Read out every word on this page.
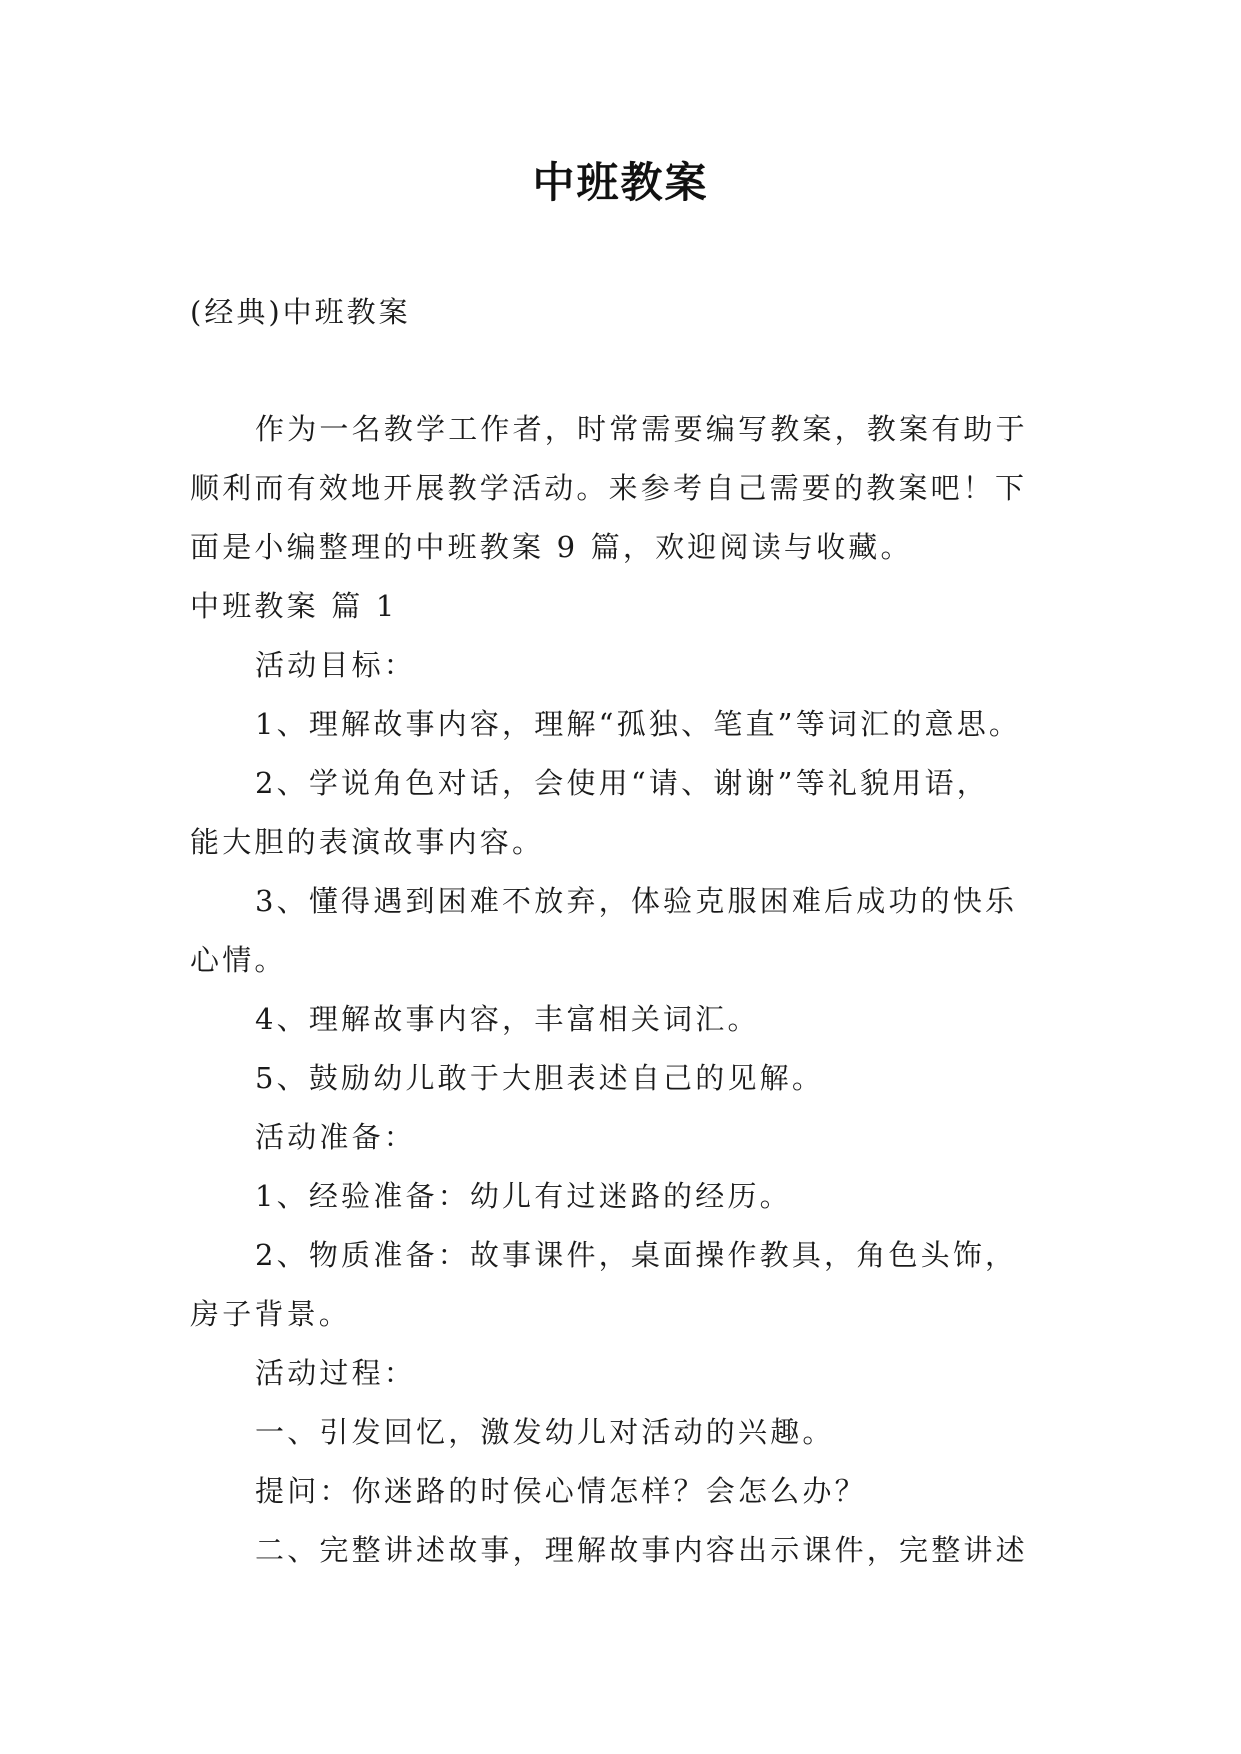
中班教案
(经典)中班教案
作为一名教学工作者，时常需要编写教案，教案有助于
顺利而有效地开展教学活动。来参考自己需要的教案吧！下
面是小编整理的中班教案 9 篇，欢迎阅读与收藏。
中班教案 篇 1
活动目标：
1、理解故事内容，理解“孤独、笔直”等词汇的意思。
2、学说角色对话，会使用“请、谢谢”等礼貌用语，
能大胆的表演故事内容。
3、懂得遇到困难不放弃，体验克服困难后成功的快乐
心情。
4、理解故事内容，丰富相关词汇。
5、鼓励幼儿敢于大胆表述自己的见解。
活动准备：
1、经验准备：幼儿有过迷路的经历。
2、物质准备：故事课件，桌面操作教具，角色头饰，
房子背景。
活动过程：
一、引发回忆，激发幼儿对活动的兴趣。
提问：你迷路的时侯心情怎样？会怎么办？
二、完整讲述故事，理解故事内容出示课件，完整讲述
